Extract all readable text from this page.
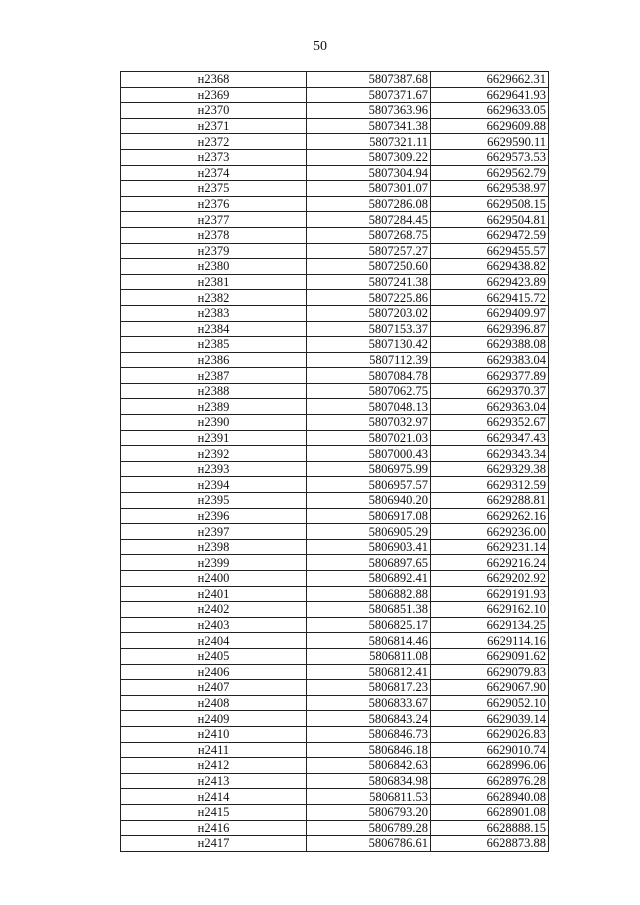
50
н2368	5807387.68	6629662.31
н2369	5807371.67	6629641.93
н2370	5807363.96	6629633.05
н2371	5807341.38	6629609.88
н2372	5807321.11	6629590.11
н2373	5807309.22	6629573.53
н2374	5807304.94	6629562.79
н2375	5807301.07	6629538.97
н2376	5807286.08	6629508.15
н2377	5807284.45	6629504.81
н2378	5807268.75	6629472.59
н2379	5807257.27	6629455.57
н2380	5807250.60	6629438.82
н2381	5807241.38	6629423.89
н2382	5807225.86	6629415.72
н2383	5807203.02	6629409.97
н2384	5807153.37	6629396.87
н2385	5807130.42	6629388.08
н2386	5807112.39	6629383.04
н2387	5807084.78	6629377.89
н2388	5807062.75	6629370.37
н2389	5807048.13	6629363.04
н2390	5807032.97	6629352.67
н2391	5807021.03	6629347.43
н2392	5807000.43	6629343.34
н2393	5806975.99	6629329.38
н2394	5806957.57	6629312.59
н2395	5806940.20	6629288.81
н2396	5806917.08	6629262.16
н2397	5806905.29	6629236.00
н2398	5806903.41	6629231.14
н2399	5806897.65	6629216.24
н2400	5806892.41	6629202.92
н2401	5806882.88	6629191.93
н2402	5806851.38	6629162.10
н2403	5806825.17	6629134.25
н2404	5806814.46	6629114.16
н2405	5806811.08	6629091.62
н2406	5806812.41	6629079.83
н2407	5806817.23	6629067.90
н2408	5806833.67	6629052.10
н2409	5806843.24	6629039.14
н2410	5806846.73	6629026.83
н2411	5806846.18	6629010.74
н2412	5806842.63	6628996.06
н2413	5806834.98	6628976.28
н2414	5806811.53	6628940.08
н2415	5806793.20	6628901.08
н2416	5806789.28	6628888.15
н2417	5806786.61	6628873.88
